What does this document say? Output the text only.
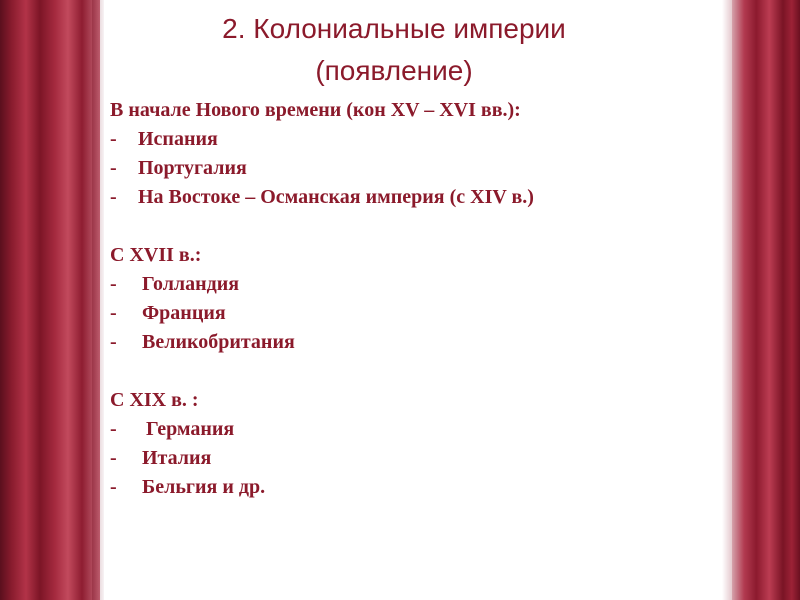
2. Колониальные империи
(появление)
В начале Нового времени (кон XV – XVI вв.):
- Испания
- Португалия
- На Востоке – Османская империя (с XIV в.)
С XVII в.:
- Голландия
- Франция
- Великобритания
С XIX в. :
- Германия
- Италия
- Бельгия и др.
